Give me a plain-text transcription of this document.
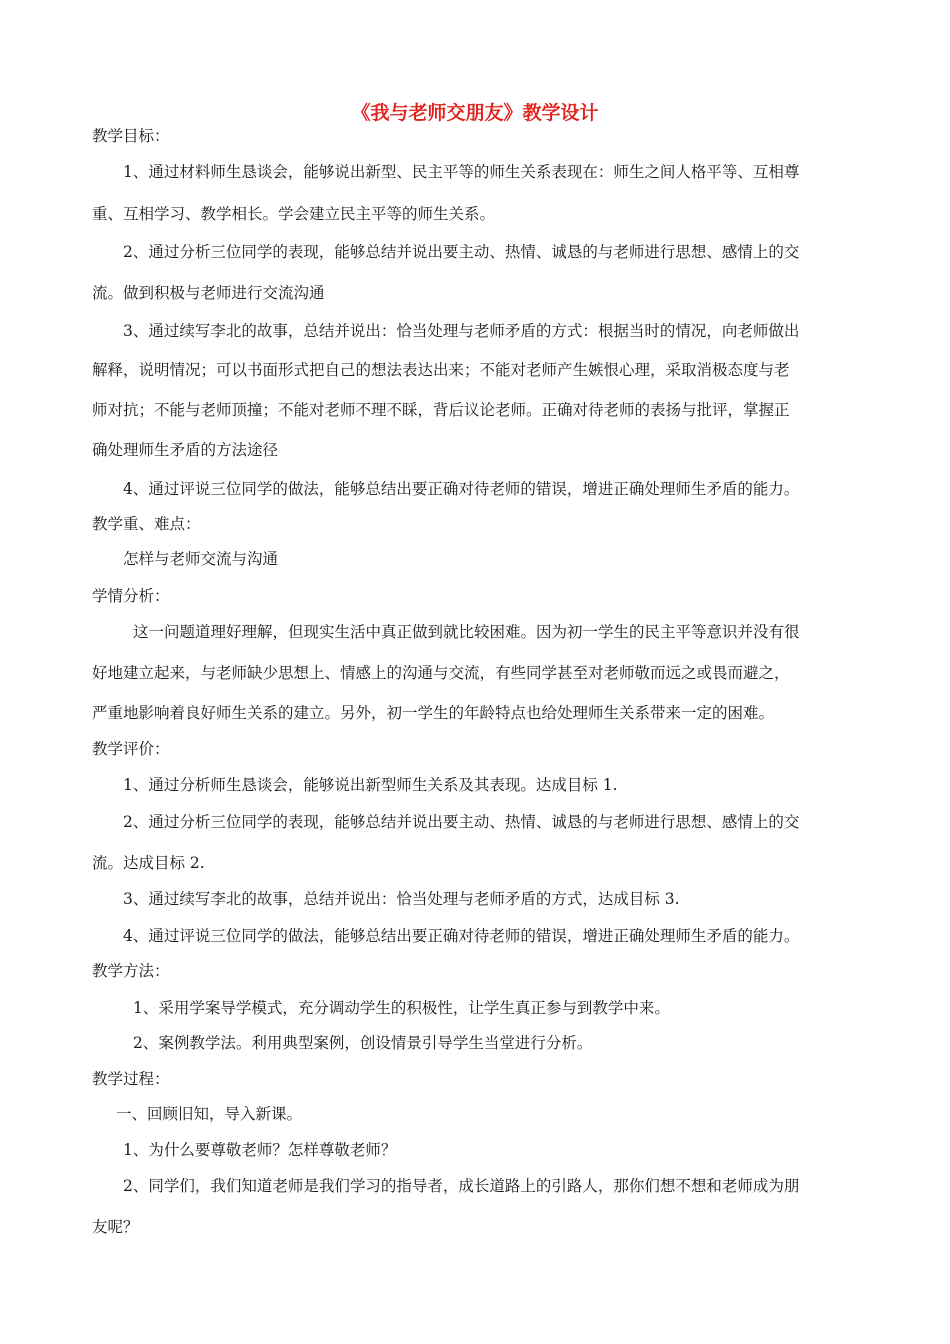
《我与老师交朋友》教学设计
教学目标：
1、通过材料师生恳谈会，能够说出新型、民主平等的师生关系表现在：师生之间人格平等、互相尊
重、互相学习、教学相长。学会建立民主平等的师生关系。
2、通过分析三位同学的表现，能够总结并说出要主动、热情、诚恳的与老师进行思想、感情上的交
流。做到积极与老师进行交流沟通
3、通过续写李北的故事，总结并说出：恰当处理与老师矛盾的方式：根据当时的情况，向老师做出
解释，说明情况；可以书面形式把自己的想法表达出来；不能对老师产生嫉恨心理，采取消极态度与老
师对抗；不能与老师顶撞；不能对老师不理不睬，背后议论老师。正确对待老师的表扬与批评，掌握正
确处理师生矛盾的方法途径
4、通过评说三位同学的做法，能够总结出要正确对待老师的错误，增进正确处理师生矛盾的能力。
教学重、难点：
怎样与老师交流与沟通
学情分析：
这一问题道理好理解，但现实生活中真正做到就比较困难。因为初一学生的民主平等意识并没有很
好地建立起来，与老师缺少思想上、情感上的沟通与交流，有些同学甚至对老师敬而远之或畏而避之，
严重地影响着良好师生关系的建立。另外，初一学生的年龄特点也给处理师生关系带来一定的困难。
教学评价：
1、通过分析师生恳谈会，能够说出新型师生关系及其表现。达成目标 1.
2、通过分析三位同学的表现，能够总结并说出要主动、热情、诚恳的与老师进行思想、感情上的交
流。达成目标 2.
3、通过续写李北的故事，总结并说出：恰当处理与老师矛盾的方式，达成目标 3.
4、通过评说三位同学的做法，能够总结出要正确对待老师的错误，增进正确处理师生矛盾的能力。
教学方法：
1、采用学案导学模式，充分调动学生的积极性，让学生真正参与到教学中来。
2、案例教学法。利用典型案例，创设情景引导学生当堂进行分析。
教学过程：
一、回顾旧知，导入新课。
1、为什么要尊敬老师？怎样尊敬老师？
2、同学们，我们知道老师是我们学习的指导者，成长道路上的引路人，那你们想不想和老师成为朋
友呢？
